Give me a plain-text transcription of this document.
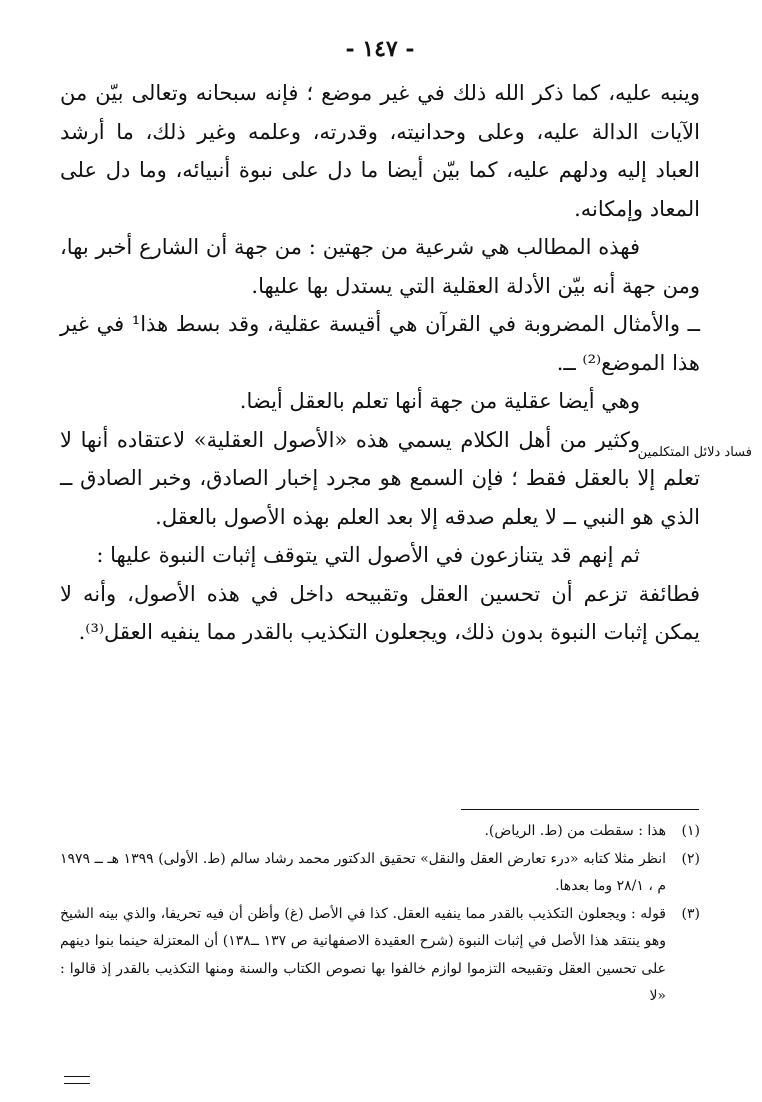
- ١٤٧ -
فساد دلائل المتكلمين

وينبه عليه، كما ذكر الله ذلك في غير موضع ؛ فإنه سبحانه وتعالى بيّن من الآيات الدالة عليه، وعلى وحدانيته، وقدرته، وعلمه وغير ذلك، ما أرشد العباد إليه ودلهم عليه، كما بيّن أيضا ما دل على نبوة أنبيائه، وما دل على المعاد وإمكانه.

فهذه المطالب هي شرعية من جهتين : من جهة أن الشارع أخبر بها، ومن جهة أنه بيّن الأدلة العقلية التي يستدل بها عليها.

ــ والأمثال المضروبة في القرآن هي أقيسة عقلية، وقد بسط هذا¹ في غير هذا الموضع⁽²⁾ ــ.

وهي أيضا عقلية من جهة أنها تعلم بالعقل أيضا.

وكثير من أهل الكلام يسمي هذه «الأصول العقلية» لاعتقاده أنها لا تعلم إلا بالعقل فقط ؛ فإن السمع هو مجرد إخبار الصادق، وخبر الصادق ــ الذي هو النبي ــ لا يعلم صدقه إلا بعد العلم بهذه الأصول بالعقل.

ثم إنهم قد يتنازعون في الأصول التي يتوقف إثبات النبوة عليها :

فطائفة تزعم أن تحسين العقل وتقبيحه داخل في هذه الأصول، وأنه لا يمكن إثبات النبوة بدون ذلك، ويجعلون التكذيب بالقدر مما ينفيه العقل⁽³⁾.

(١)
هذا : سقطت من (ط. الرياض).
(٢)
انظر مثلا كتابه «درء تعارض العقل والنقل» تحقيق الدكتور محمد رشاد سالم (ط. الأولى) ١٣٩٩ هـ ــ ١٩٧٩ م ، ٢٨/١ وما بعدها.
(٣)
قوله : ويجعلون التكذيب بالقدر مما ينفيه العقل. كذا في الأصل (غ) وأظن أن فيه تحريفا، والذي بينه الشيخ وهو ينتقد هذا الأصل في إثبات النبوة (شرح العقيدة الاصفهانية ص ١٣٧ ــ١٣٨) أن المعتزلة حينما بنوا دينهم على تحسين العقل وتقبيحه التزموا لوازم خالفوا بها نصوص الكتاب والسنة ومنها التكذيب بالقدر إذ قالوا : «لا
